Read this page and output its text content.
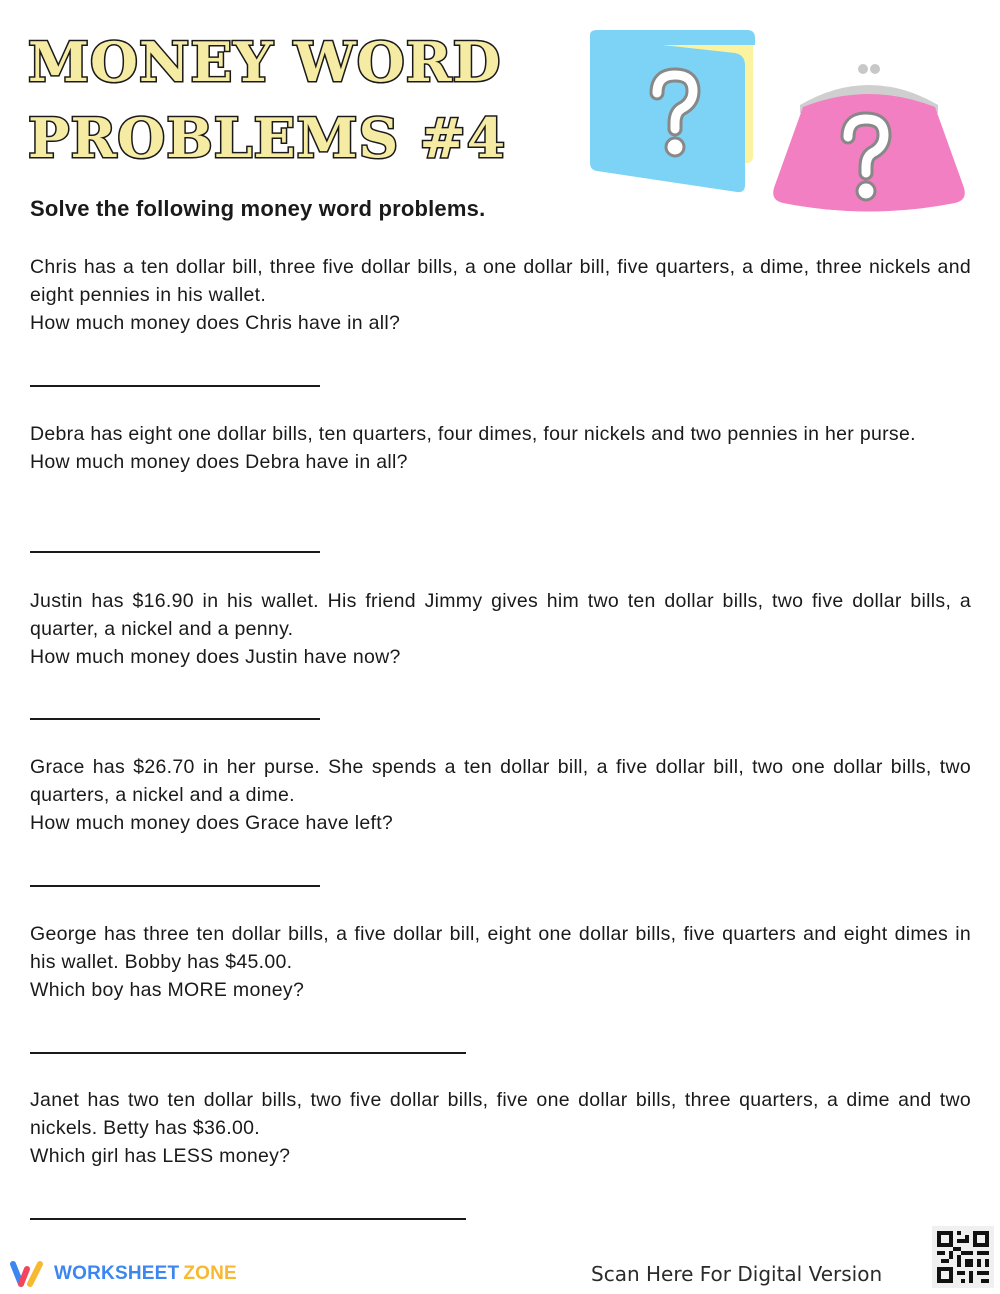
MONEY WORD
PROBLEMS #4
Solve the following money word problems.

Chris has a ten dollar bill, three five dollar bills, a one dollar bill, five quarters, a dime, three nickels and eight pennies in his wallet.

How much money does Chris have in all?

Debra has eight one dollar bills, ten quarters, four dimes, four nickels and two pennies in her purse.

How much money does Debra have in all?

Justin has $16.90 in his wallet. His friend Jimmy gives him two ten dollar bills, two five dollar bills, a quarter, a nickel and a penny.

How much money does Justin have now?

Grace has $26.70 in her purse. She spends a ten dollar bill, a five dollar bill, two one dollar bills, two quarters, a nickel and a dime.

How much money does Grace have left?

George has three ten dollar bills, a five dollar bill, eight one dollar bills, five quarters and eight dimes in his wallet. Bobby has $45.00.

Which boy has MORE money?

Janet has two ten dollar bills, two five dollar bills, five one dollar bills, three quarters, a dime and two nickels. Betty has $36.00.

Which girl has LESS money?

WORKSHEET ZONE	Scan Here For Digital Version
